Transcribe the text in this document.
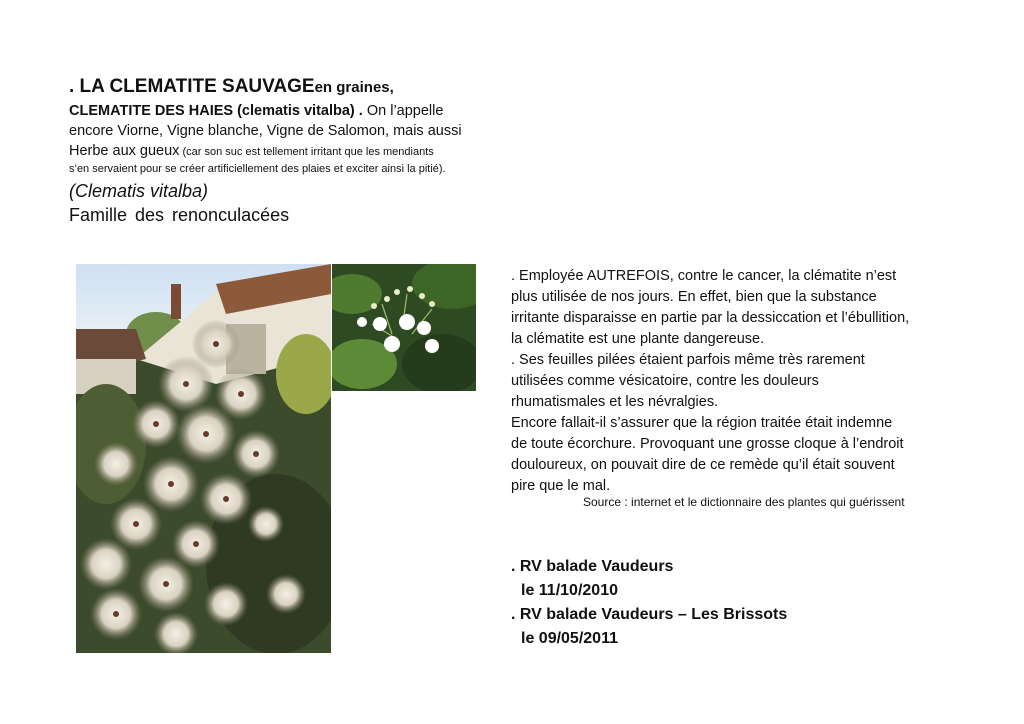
. LA CLEMATITE SAUVAGEen graines,
CLEMATITE DES HAIES (clematis vitalba) . On l’appelle
encore Viorne, Vigne blanche, Vigne de Salomon, mais aussi
Herbe aux gueux (car son suc est tellement irritant que les mendiants
s’en servaient pour se créer artificiellement des plaies et exciter ainsi la pitié).
(Clematis vitalba)
Famille des renonculacées

. Employée AUTREFOIS, contre le cancer, la clématite n’est

plus utilisée de nos jours. En effet, bien que la substance

irritante disparaisse en partie par la dessiccation et l’ébullition,

la clématite est une plante dangereuse.

. Ses feuilles pilées étaient parfois même très rarement

utilisées comme vésicatoire, contre les douleurs

rhumatismales et les névralgies.

Encore fallait-il s’assurer que la région traitée était indemne

de toute écorchure. Provoquant une grosse cloque à l’endroit

douloureux, on pouvait dire de ce remède qu’il était souvent

pire que le mal.

Source : internet et le dictionnaire des plantes qui guérissent
. RV balade Vaudeurs
le 11/10/2010
. RV balade Vaudeurs – Les Brissots
le 09/05/2011
